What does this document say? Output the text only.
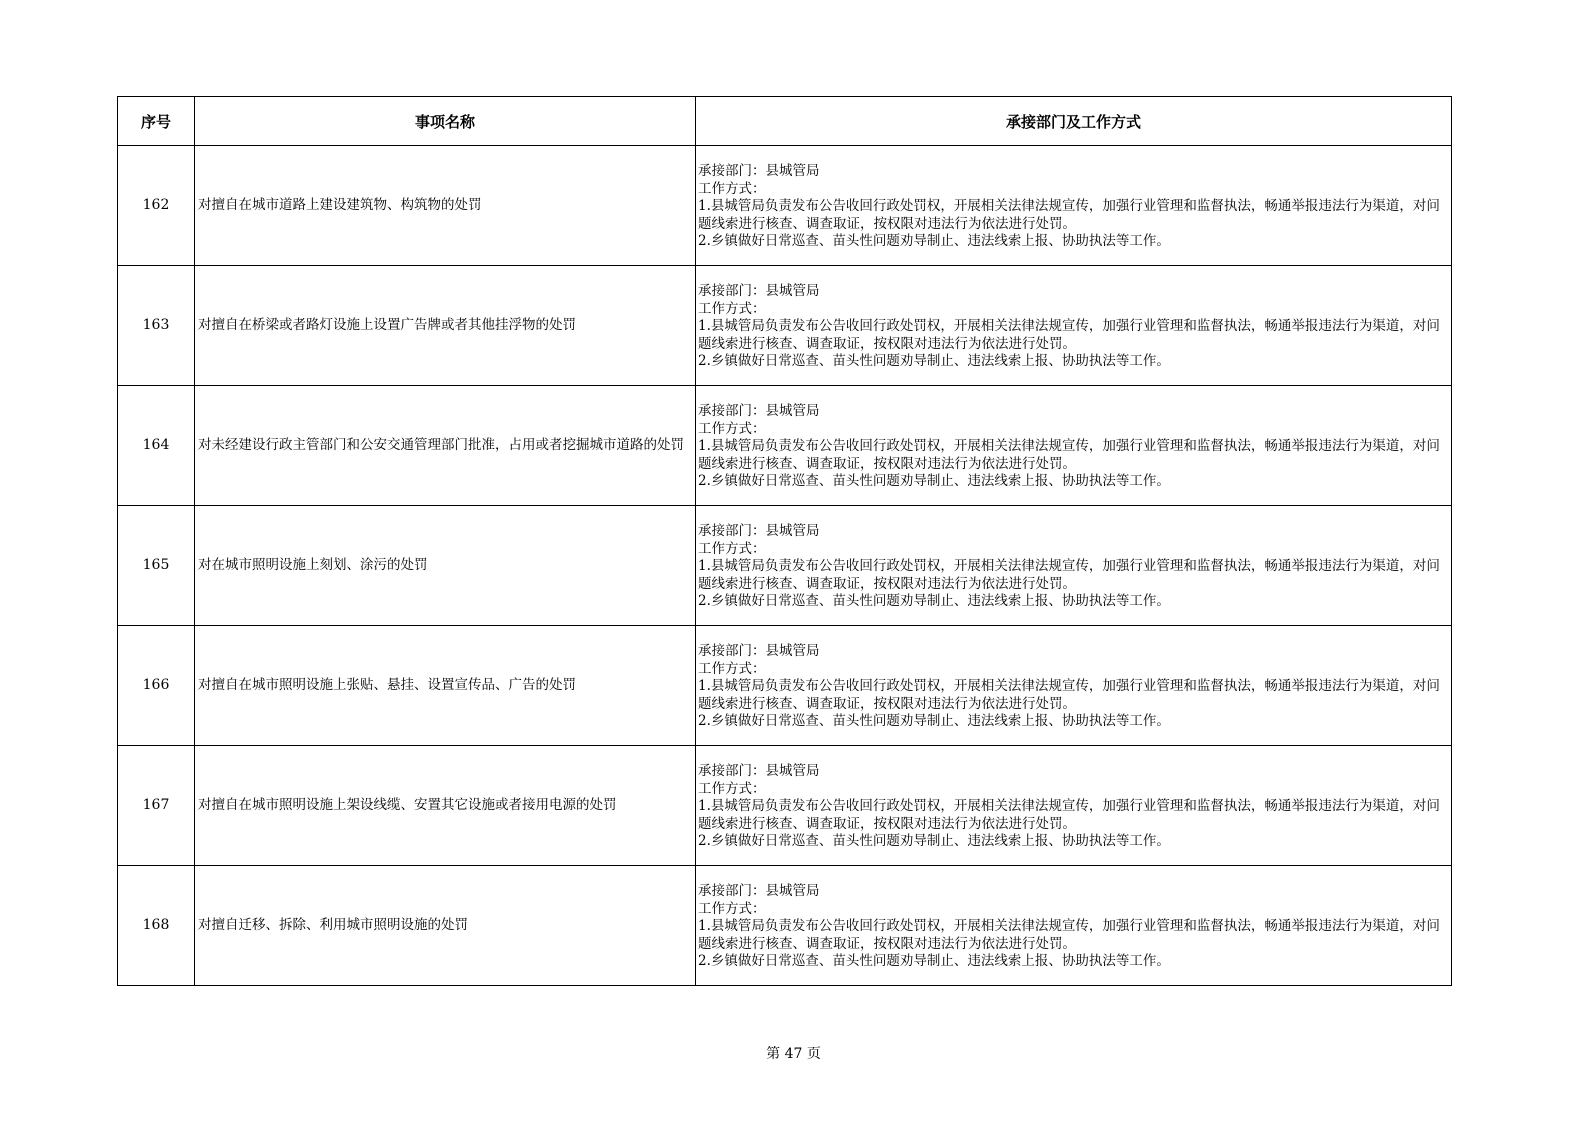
序号	事项名称	承接部门及工作方式
162	对擅自在城市道路上建设建筑物、构筑物的处罚	承接部门：县城管局
工作方式：
1.县城管局负责发布公告收回行政处罚权，开展相关法律法规宣传，加强行业管理和监督执法，畅通举报违法行为渠道，对问题线索进行核查、调查取证，按权限对违法行为依法进行处罚。
2.乡镇做好日常巡查、苗头性问题劝导制止、违法线索上报、协助执法等工作。

163	对擅自在桥梁或者路灯设施上设置广告牌或者其他挂浮物的处罚	承接部门：县城管局
工作方式：
1.县城管局负责发布公告收回行政处罚权，开展相关法律法规宣传，加强行业管理和监督执法，畅通举报违法行为渠道，对问题线索进行核查、调查取证，按权限对违法行为依法进行处罚。
2.乡镇做好日常巡查、苗头性问题劝导制止、违法线索上报、协助执法等工作。

164	对未经建设行政主管部门和公安交通管理部门批准，占用或者挖掘城市道路的处罚	承接部门：县城管局
工作方式：
1.县城管局负责发布公告收回行政处罚权，开展相关法律法规宣传，加强行业管理和监督执法，畅通举报违法行为渠道，对问题线索进行核查、调查取证，按权限对违法行为依法进行处罚。
2.乡镇做好日常巡查、苗头性问题劝导制止、违法线索上报、协助执法等工作。

165	对在城市照明设施上刻划、涂污的处罚	承接部门：县城管局
工作方式：
1.县城管局负责发布公告收回行政处罚权，开展相关法律法规宣传，加强行业管理和监督执法，畅通举报违法行为渠道，对问题线索进行核查、调查取证，按权限对违法行为依法进行处罚。
2.乡镇做好日常巡查、苗头性问题劝导制止、违法线索上报、协助执法等工作。

166	对擅自在城市照明设施上张贴、悬挂、设置宣传品、广告的处罚	承接部门：县城管局
工作方式：
1.县城管局负责发布公告收回行政处罚权，开展相关法律法规宣传，加强行业管理和监督执法，畅通举报违法行为渠道，对问题线索进行核查、调查取证，按权限对违法行为依法进行处罚。
2.乡镇做好日常巡查、苗头性问题劝导制止、违法线索上报、协助执法等工作。

167	对擅自在城市照明设施上架设线缆、安置其它设施或者接用电源的处罚	承接部门：县城管局
工作方式：
1.县城管局负责发布公告收回行政处罚权，开展相关法律法规宣传，加强行业管理和监督执法，畅通举报违法行为渠道，对问题线索进行核查、调查取证，按权限对违法行为依法进行处罚。
2.乡镇做好日常巡查、苗头性问题劝导制止、违法线索上报、协助执法等工作。

168	对擅自迁移、拆除、利用城市照明设施的处罚	承接部门：县城管局
工作方式：
1.县城管局负责发布公告收回行政处罚权，开展相关法律法规宣传，加强行业管理和监督执法，畅通举报违法行为渠道，对问题线索进行核查、调查取证，按权限对违法行为依法进行处罚。
2.乡镇做好日常巡查、苗头性问题劝导制止、违法线索上报、协助执法等工作。
第 47 页
